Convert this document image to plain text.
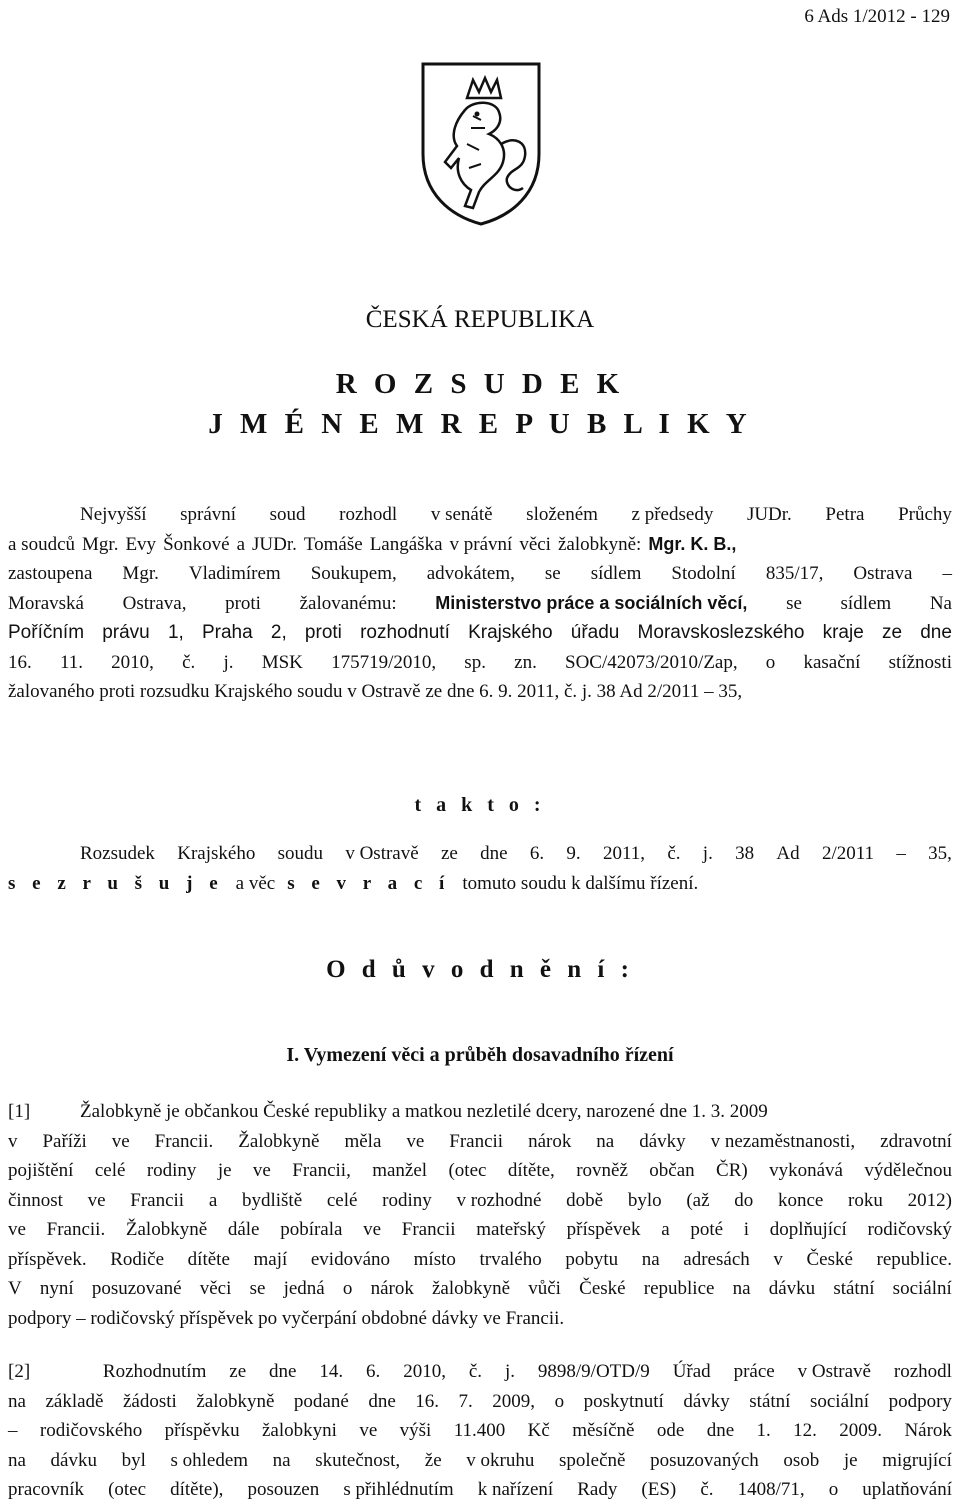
6 Ads 1/2012 - 129
ČESKÁ REPUBLIKA
R O Z S U D E K
J M É N E M R E P U B L I K Y
Nejvyšší správní soud rozhodl v senátě složeném z předsedy JUDr. Petra Průchy
a soudců Mgr. Evy Šonkové a JUDr. Tomáše Langáška v právní věci žalobkyně: Mgr. K. B.,
zastoupena Mgr. Vladimírem Soukupem, advokátem, se sídlem Stodolní 835/17, Ostrava –
Moravská Ostrava, proti žalovanému: Ministerstvo práce a sociálních věcí, se sídlem Na
Poříčním právu 1, Praha 2, proti rozhodnutí Krajského úřadu Moravskoslezského kraje ze dne
16. 11. 2010, č. j. MSK 175719/2010, sp. zn. SOC/42073/2010/Zap, o kasační stížnosti
žalovaného proti rozsudku Krajského soudu v Ostravě ze dne 6. 9. 2011, č. j. 38 Ad 2/2011 – 35,
t a k t o :
Rozsudek Krajského soudu v Ostravě ze dne 6. 9. 2011, č. j. 38 Ad 2/2011 – 35,
s e z r u š u j e a věc s e v r a c í tomuto soudu k dalšímu řízení.
O d ů v o d n ě n í :
I. Vymezení věci a průběh dosavadního řízení
[1]	Žalobkyně je občankou České republiky a matkou nezletilé dcery, narozené dne 1. 3. 2009
v Paříži ve Francii. Žalobkyně měla ve Francii nárok na dávky v nezaměstnanosti, zdravotní
pojištění celé rodiny je ve Francii, manžel (otec dítěte, rovněž občan ČR) vykonává výdělečnou
činnost ve Francii a bydliště celé rodiny v rozhodné době bylo (až do konce roku 2012)
ve Francii. Žalobkyně dále pobírala ve Francii mateřský příspěvek a poté i doplňující rodičovský
příspěvek. Rodiče dítěte mají evidováno místo trvalého pobytu na adresách v České republice.
V nyní posuzované věci se jedná o nárok žalobkyně vůči České republice na dávku státní sociální
podpory – rodičovský příspěvek po vyčerpání obdobné dávky ve Francii.
[2]	Rozhodnutím ze dne 14. 6. 2010, č. j. 9898/9/OTD/9 Úřad práce v Ostravě rozhodl
na základě žádosti žalobkyně podané dne 16. 7. 2009, o poskytnutí dávky státní sociální podpory
– rodičovského příspěvku žalobkyni ve výši 11.400 Kč měsíčně ode dne 1. 12. 2009. Nárok
na dávku byl s ohledem na skutečnost, že v okruhu společně posuzovaných osob je migrující
pracovník (otec dítěte), posouzen s přihlédnutím k nařízení Rady (ES) č. 1408/71, o uplatňování
